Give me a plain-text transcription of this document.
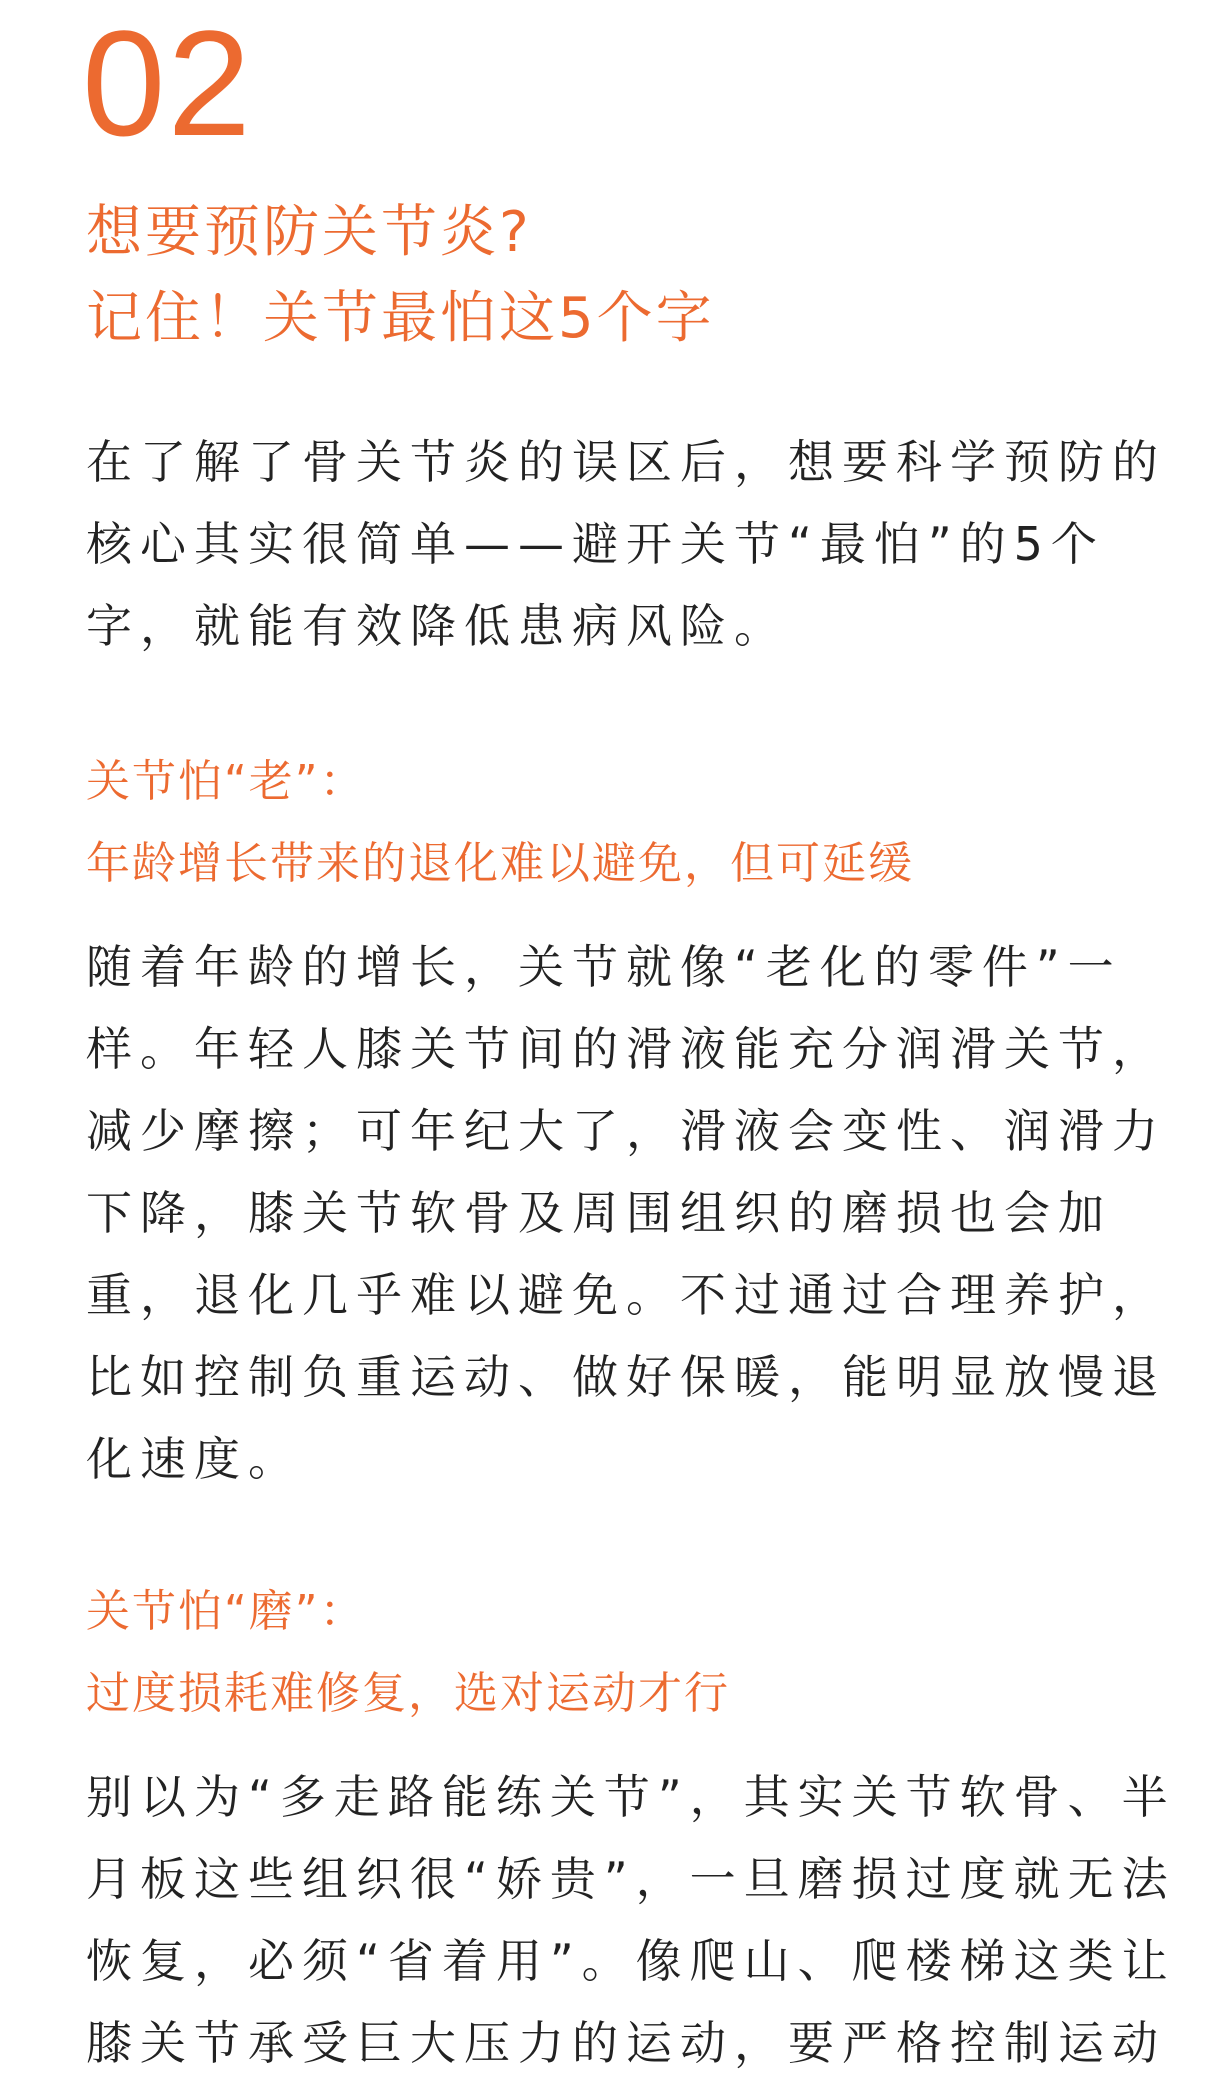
02
想要预防关节炎?
记住！关节最怕这5个字
在了解了骨关节炎的误区后，想要科学预防的
核心其实很简单——避开关节“最怕”的5个
字，就能有效降低患病风险。
关节怕“老”：
年龄增长带来的退化难以避免，但可延缓
随着年龄的增长，关节就像“老化的零件”一
样。年轻人膝关节间的滑液能充分润滑关节，
减少摩擦；可年纪大了，滑液会变性、润滑力
下降，膝关节软骨及周围组织的磨损也会加
重，退化几乎难以避免。不过通过合理养护，
比如控制负重运动、做好保暖，能明显放慢退
化速度。
关节怕“磨”：
过度损耗难修复，选对运动才行
别以为“多走路能练关节”，其实关节软骨、半
月板这些组织很“娇贵”，一旦磨损过度就无法
恢复，必须“省着用”。像爬山、爬楼梯这类让
膝关节承受巨大压力的运动，要严格控制运动
